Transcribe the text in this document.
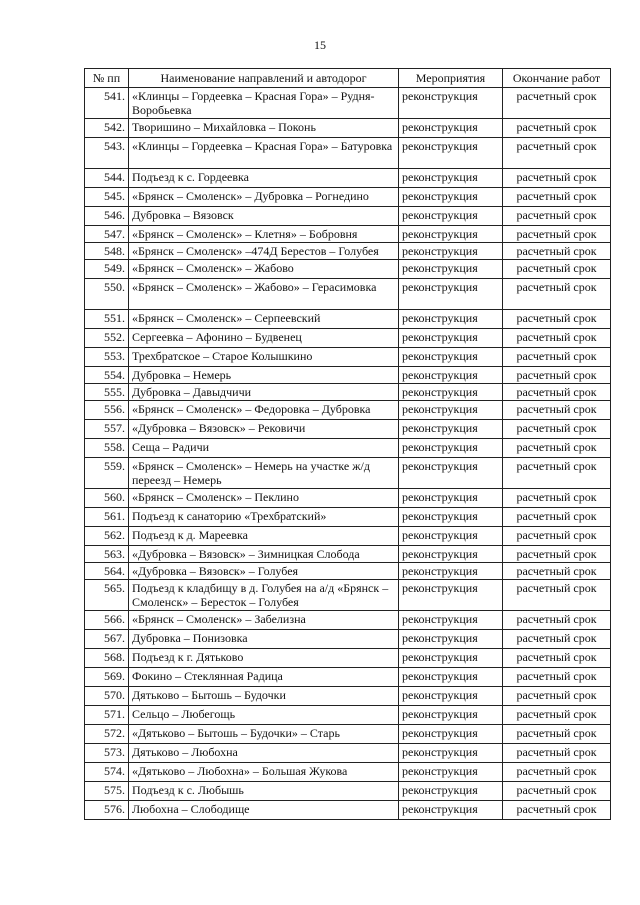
15
№ пп	Наименование направлений и автодорог	Мероприятия	Окончание работ
541.	«Клинцы – Гордеевка – Красная Гора» – Рудня-Воробьевка	реконструкция	расчетный срок
542.	Творишино – Михайловка – Поконь	реконструкция	расчетный срок
543.	«Клинцы – Гордеевка – Красная Гора» – Батуровка	реконструкция	расчетный срок
544.	Подъезд к с. Гордеевка	реконструкция	расчетный срок
545.	«Брянск – Смоленск» – Дубровка – Рогнедино	реконструкция	расчетный срок
546.	Дубровка – Вязовск	реконструкция	расчетный срок
547.	«Брянск – Смоленск» – Клетня» – Бобровня	реконструкция	расчетный срок
548.	«Брянск – Смоленск» –474Д Берестов – Голубея	реконструкция	расчетный срок
549.	«Брянск – Смоленск» – Жабово	реконструкция	расчетный срок
550.	«Брянск – Смоленск» – Жабово» – Герасимовка	реконструкция	расчетный срок
551.	«Брянск – Смоленск» – Серпеевский	реконструкция	расчетный срок
552.	Сергеевка – Афонино – Будвенец	реконструкция	расчетный срок
553.	Трехбратское – Старое Колышкино	реконструкция	расчетный срок
554.	Дубровка – Немерь	реконструкция	расчетный срок
555.	Дубровка – Давыдчичи	реконструкция	расчетный срок
556.	«Брянск – Смоленск» – Федоровка – Дубровка	реконструкция	расчетный срок
557.	«Дубровка – Вязовск» – Рековичи	реконструкция	расчетный срок
558.	Сеща – Радичи	реконструкция	расчетный срок
559.	«Брянск – Смоленск» – Немерь на участке ж/д переезд – Немерь	реконструкция	расчетный срок
560.	«Брянск – Смоленск» – Пеклино	реконструкция	расчетный срок
561.	Подъезд к санаторию «Трехбратский»	реконструкция	расчетный срок
562.	Подъезд к д. Мареевка	реконструкция	расчетный срок
563.	«Дубровка – Вязовск» – Зимницкая Слобода	реконструкция	расчетный срок
564.	«Дубровка – Вязовск» – Голубея	реконструкция	расчетный срок
565.	Подъезд к кладбищу в д. Голубея на а/д «Брянск – Смоленск» – Бересток – Голубея	реконструкция	расчетный срок
566.	«Брянск – Смоленск» – Забелизна	реконструкция	расчетный срок
567.	Дубровка – Понизовка	реконструкция	расчетный срок
568.	Подъезд к г. Дятьково	реконструкция	расчетный срок
569.	Фокино – Стеклянная Радица	реконструкция	расчетный срок
570.	Дятьково – Бытошь – Будочки	реконструкция	расчетный срок
571.	Сельцо – Любегощь	реконструкция	расчетный срок
572.	«Дятьково – Бытошь – Будочки» – Старь	реконструкция	расчетный срок
573.	Дятьково – Любохна	реконструкция	расчетный срок
574.	«Дятьково – Любохна» – Большая Жукова	реконструкция	расчетный срок
575.	Подъезд к с. Любышь	реконструкция	расчетный срок
576.	Любохна – Слободище	реконструкция	расчетный срок
